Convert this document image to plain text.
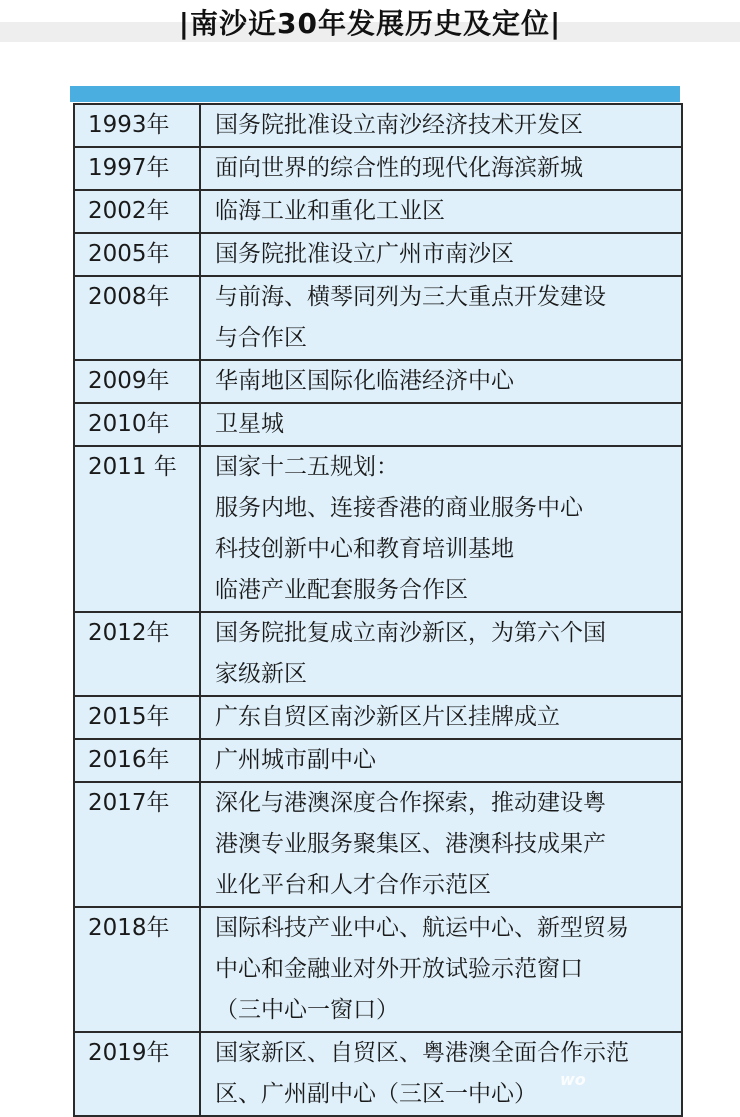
|南沙近30年发展历史及定位|
1993年	国务院批准设立南沙经济技术开发区

1997年	面向世界的综合性的现代化海滨新城

2002年	临海工业和重化工业区

2005年	国务院批准设立广州市南沙区

2008年	与前海、横琴同列为三大重点开发建设
与合作区

2009年	华南地区国际化临港经济中心

2010年	卫星城

2011 年	国家十二五规划：
服务内地、连接香港的商业服务中心
科技创新中心和教育培训基地
临港产业配套服务合作区

2012年	国务院批复成立南沙新区，为第六个国
家级新区

2015年	广东自贸区南沙新区片区挂牌成立

2016年	广州城市副中心

2017年	深化与港澳深度合作探索，推动建设粤
港澳专业服务聚集区、港澳科技成果产
业化平台和人才合作示范区

2018年	国际科技产业中心、航运中心、新型贸易
中心和金融业对外开放试验示范窗口
（三中心一窗口）

2019年	国家新区、自贸区、粤港澳全面合作示范
区、广州副中心（三区一中心）
wo
